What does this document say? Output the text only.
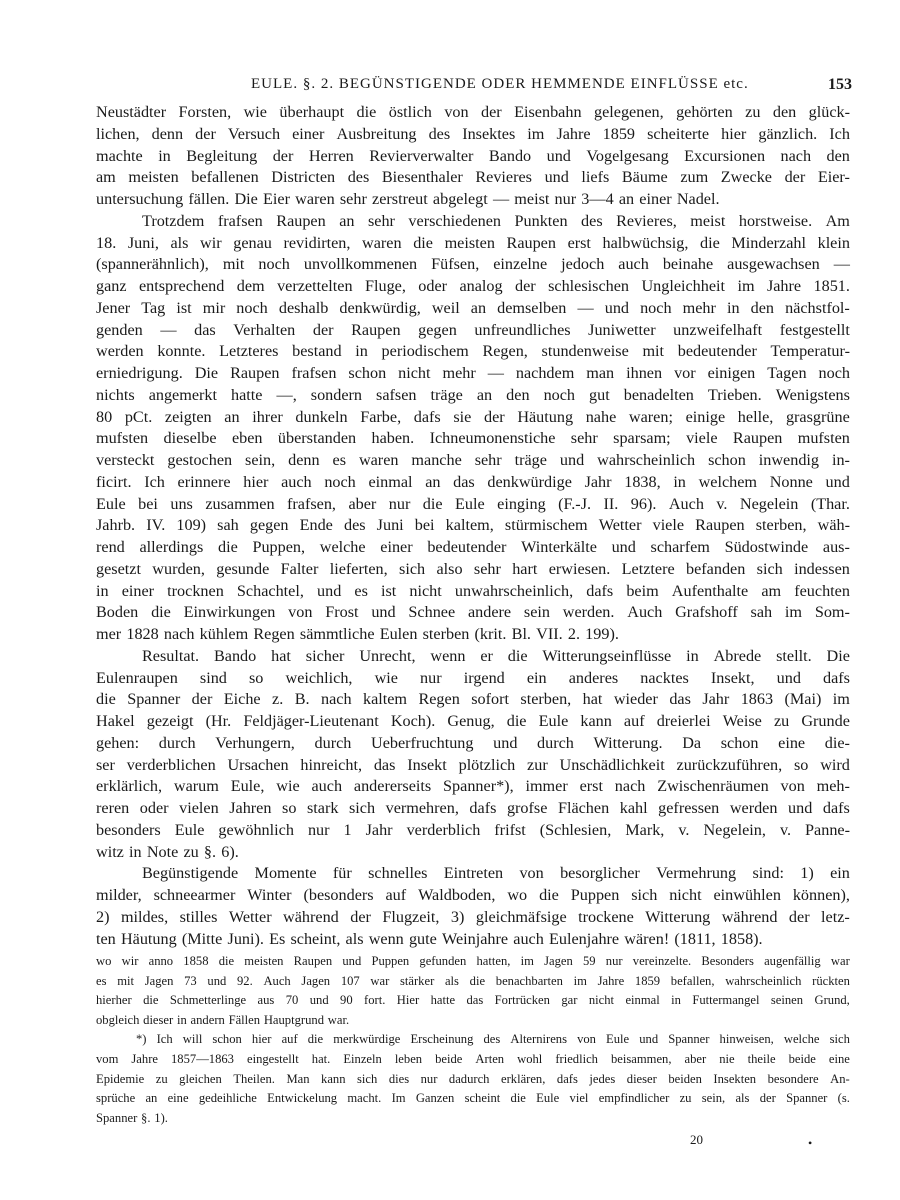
EULE. §. 2. BEGÜNSTIGENDE ODER HEMMENDE EINFLÜSSE etc.	153
Neustädter Forsten, wie überhaupt die östlich von der Eisenbahn gelegenen, gehörten zu den glück-
lichen, denn der Versuch einer Ausbreitung des Insektes im Jahre 1859 scheiterte hier gänzlich. Ich
machte in Begleitung der Herren Revierverwalter Bando und Vogelgesang Excursionen nach den
am meisten befallenen Districten des Biesenthaler Revieres und liefs Bäume zum Zwecke der Eier-
untersuchung fällen. Die Eier waren sehr zerstreut abgelegt — meist nur 3—4 an einer Nadel.
Trotzdem frafsen Raupen an sehr verschiedenen Punkten des Revieres, meist horstweise. Am
18. Juni, als wir genau revidirten, waren die meisten Raupen erst halbwüchsig, die Minderzahl klein
(spannerähnlich), mit noch unvollkommenen Füfsen, einzelne jedoch auch beinahe ausgewachsen —
ganz entsprechend dem verzettelten Fluge, oder analog der schlesischen Ungleichheit im Jahre 1851.
Jener Tag ist mir noch deshalb denkwürdig, weil an demselben — und noch mehr in den nächstfol-
genden — das Verhalten der Raupen gegen unfreundliches Juniwetter unzweifelhaft festgestellt
werden konnte. Letzteres bestand in periodischem Regen, stundenweise mit bedeutender Temperatur-
erniedrigung. Die Raupen frafsen schon nicht mehr — nachdem man ihnen vor einigen Tagen noch
nichts angemerkt hatte —, sondern safsen träge an den noch gut benadelten Trieben. Wenigstens
80 pCt. zeigten an ihrer dunkeln Farbe, dafs sie der Häutung nahe waren; einige helle, grasgrüne
mufsten dieselbe eben überstanden haben. Ichneumonenstiche sehr sparsam; viele Raupen mufsten
versteckt gestochen sein, denn es waren manche sehr träge und wahrscheinlich schon inwendig in-
ficirt. Ich erinnere hier auch noch einmal an das denkwürdige Jahr 1838, in welchem Nonne und
Eule bei uns zusammen frafsen, aber nur die Eule einging (F.-J. II. 96). Auch v. Negelein (Thar.
Jahrb. IV. 109) sah gegen Ende des Juni bei kaltem, stürmischem Wetter viele Raupen sterben, wäh-
rend allerdings die Puppen, welche einer bedeutender Winterkälte und scharfem Südostwinde aus-
gesetzt wurden, gesunde Falter lieferten, sich also sehr hart erwiesen. Letztere befanden sich indessen
in einer trocknen Schachtel, und es ist nicht unwahrscheinlich, dafs beim Aufenthalte am feuchten
Boden die Einwirkungen von Frost und Schnee andere sein werden. Auch Grafshoff sah im Som-
mer 1828 nach kühlem Regen sämmtliche Eulen sterben (krit. Bl. VII. 2. 199).
Resultat. Bando hat sicher Unrecht, wenn er die Witterungseinflüsse in Abrede stellt. Die
Eulenraupen sind so weichlich, wie nur irgend ein anderes nacktes Insekt, und dafs
die Spanner der Eiche z. B. nach kaltem Regen sofort sterben, hat wieder das Jahr 1863 (Mai) im
Hakel gezeigt (Hr. Feldjäger-Lieutenant Koch). Genug, die Eule kann auf dreierlei Weise zu Grunde
gehen: durch Verhungern, durch Ueberfruchtung und durch Witterung. Da schon eine die-
ser verderblichen Ursachen hinreicht, das Insekt plötzlich zur Unschädlichkeit zurückzuführen, so wird
erklärlich, warum Eule, wie auch andererseits Spanner*), immer erst nach Zwischenräumen von meh-
reren oder vielen Jahren so stark sich vermehren, dafs grofse Flächen kahl gefressen werden und dafs
besonders Eule gewöhnlich nur 1 Jahr verderblich frifst (Schlesien, Mark, v. Negelein, v. Panne-
witz in Note zu §. 6).
Begünstigende Momente für schnelles Eintreten von besorglicher Vermehrung sind: 1) ein
milder, schneearmer Winter (besonders auf Waldboden, wo die Puppen sich nicht einwühlen können),
2) mildes, stilles Wetter während der Flugzeit, 3) gleichmäfsige trockene Witterung während der letz-
ten Häutung (Mitte Juni). Es scheint, als wenn gute Weinjahre auch Eulenjahre wären! (1811, 1858).
wo wir anno 1858 die meisten Raupen und Puppen gefunden hatten, im Jagen 59 nur vereinzelte. Besonders augenfällig war
es mit Jagen 73 und 92. Auch Jagen 107 war stärker als die benachbarten im Jahre 1859 befallen, wahrscheinlich rückten
hierher die Schmetterlinge aus 70 und 90 fort. Hier hatte das Fortrücken gar nicht einmal in Futtermangel seinen Grund,
obgleich dieser in andern Fällen Hauptgrund war.
*) Ich will schon hier auf die merkwürdige Erscheinung des Alternirens von Eule und Spanner hinweisen, welche sich
vom Jahre 1857—1863 eingestellt hat. Einzeln leben beide Arten wohl friedlich beisammen, aber nie theile beide eine
Epidemie zu gleichen Theilen. Man kann sich dies nur dadurch erklären, dafs jedes dieser beiden Insekten besondere An-
sprüche an eine gedeihliche Entwickelung macht. Im Ganzen scheint die Eule viel empfindlicher zu sein, als der Spanner (s.
Spanner §. 1).
20	•
